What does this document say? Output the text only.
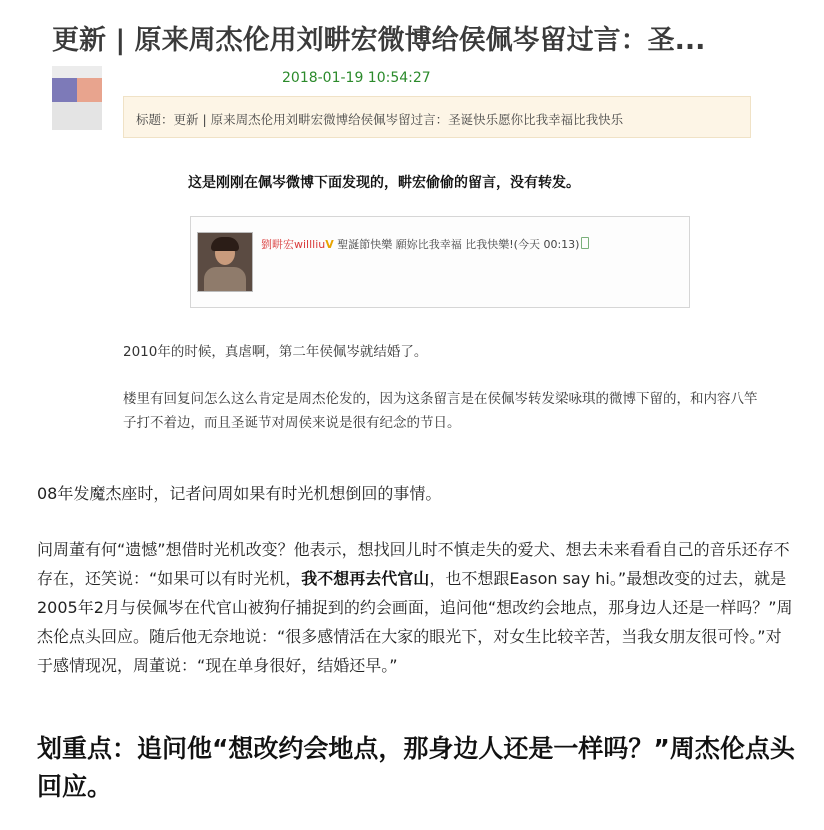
更新 | 原来周杰伦用刘畊宏微博给侯佩岑留过言：圣...
2018-01-19 10:54:27
标题：更新 | 原来周杰伦用刘畊宏微博给侯佩岑留过言：圣诞快乐愿你比我幸福比我快乐
这是刚刚在佩岑微博下面发现的，畊宏偷偷的留言，没有转发。
劉畊宏willliuV 聖誕節快樂 願妳比我幸福 比我快樂!(今天 00:13)
2010年的时候，真虐啊，第二年侯佩岑就结婚了。
楼里有回复问怎么这么肯定是周杰伦发的，因为这条留言是在侯佩岑转发梁咏琪的微博下留的，和内容八竿子打不着边，而且圣诞节对周侯来说是很有纪念的节日。
08年发魔杰座时，记者问周如果有时光机想倒回的事情。
问周董有何“遗憾”想借时光机改变？他表示，想找回儿时不慎走失的爱犬、想去未来看看自己的音乐还存不存在，还笑说：“如果可以有时光机，我不想再去代官山，也不想跟Eason say hi。”最想改变的过去，就是2005年2月与侯佩岑在代官山被狗仔捕捉到的约会画面，追问他“想改约会地点，那身边人还是一样吗？”周杰伦点头回应。随后他无奈地说：“很多感情活在大家的眼光下，对女生比较辛苦，当我女朋友很可怜。”对于感情现况，周董说：“现在单身很好，结婚还早。”
划重点：追问他“想改约会地点，那身边人还是一样吗？”周杰伦点头回应。
